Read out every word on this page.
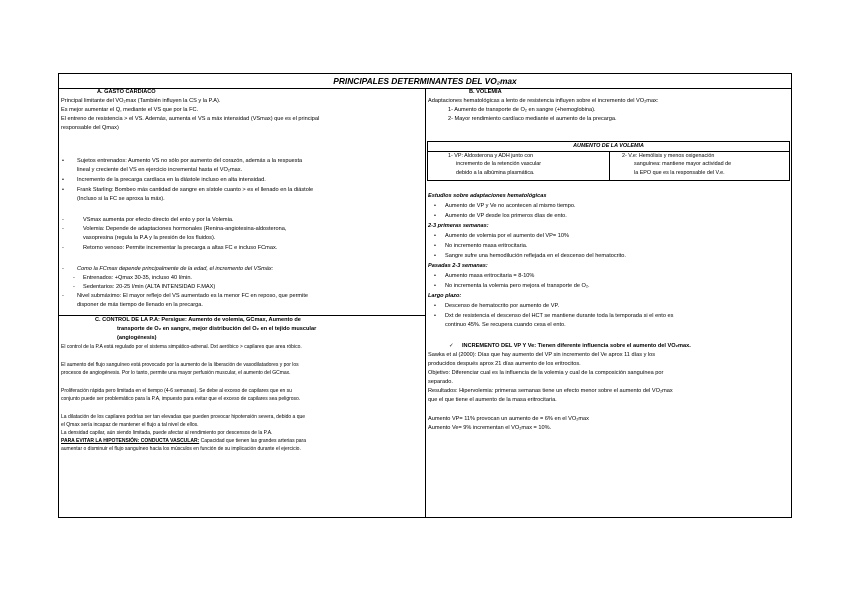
PRINCIPALES DETERMINANTES DEL VO₂max
A. GASTO CARDÍACO
Principal limitante del VO₂max (También influyen la CS y la P.A).
Es mejor aumentar el Q, mediante el VS que por la FC.
El entreno de resistencia > el VS. Además, aumenta el VS a máx intensidad (VSmax) que es el principal
responsable del Qmax)
• Sujetos entrenados: Aumento VS no sólo por aumento del corazón, además a la respuesta
lineal y creciente del VS en ejercicio incremental hasta el VO₂max.
• Incremento de la precarga cardíaca en la diástole incluso en alta intensidad.
• Frank Starling: Bombeo más cantidad de sangre en sístole cuanto > es el llenado en la diástole
(Incluso si la FC se aproxa la máx).
-	VSmax aumenta por efecto directo del ento y por la Volemia.
-	Volemia: Depende de adaptaciones hormonales (Renina-angiotesina-aldosterona,
vasopresina (regula la P.A y la presión de los fluidos).
-	Retorno venoso: Permite incrementar la precarga a altas FC e incluso FCmax.
- Como la FCmax depende principalmente de la edad, el incremento del VSmáx:
- Entrenados: +Qmax 30-35, incluso 40 l/min.
- Sedentarios: 20-25 l/min (ALTA INTENSIDAD F.MAX)
- Nivel submáximo: El mayor reflejo del VS aumentado es la menor FC en reposo, que permite
disponer de más tiempo de llenado en la precarga.
C. CONTROL DE LA P.A: Persigue: Aumento de volemia, GCmax, Aumento de
transporte de O₂ en sangre, mejor distribución del O₂ en el tejido muscular
(angiogénesis)
El control de la P.A está regulado por el sistema simpático-adrenal. Dxt aeróbico > capilares que area róbico.
El aumento del flujo sanguíneo está provocado por la aumento de la liberación de vasodilatadores y por los
procesos de angiogénesis. Por lo tanto, permite una mayor perfusión muscular, el aumento del GCmax.
Proliferación rápida pero limitada en el tiempo (4-6 semanas). Se debe al exceso de capilares que en su
conjunto puede ser problemático para la P.A, impuesto para evitar que el exceso de capilares sea peligroso.
La dilatación de los capilares podrías ser tan elevadas que pueden provocar hipotensión severa, debido a que
el Qmax sería incapaz de mantener el flujo a tal nivel de ellos.
La densidad capilar, aún siendo limitada, puede afectar al rendimiento por descensos de la P.A.
PARA EVITAR LA HIPOTENSIÓN: CONDUCTA VASCULAR: Capacidad que tienen las grandes arterias para
aumentar o disminuir el flujo sanguíneo hacia los músculos en función de su implicación durante el ejercicio.
B. VOLEMIA
Adaptaciones hematológicas a lento de resistencia influyen sobre el incremento del VO₂max:
1- Aumento de transporte de O₂ en sangre (+hemoglobina).
2- Mayor rendimiento cardíaco mediante el aumento de la precarga.
AUMENTO DE LA VOLEMIA
1- VP: Aldosterona y ADH junto con
incremento de la retención vascular
debido a la albúmina plasmática.
2- V.e: Hemólisis y menos oxigenación
sanguínea: mantiene mayor actividad de
la EPO que es la responsable del V.e.
Estudios sobre adaptaciones hematológicas
• Aumento de VP y Ve no acontecen al mismo tiempo.
• Aumento de VP desde los primeros días de ento.
2-3 primeras semanas:
• Aumento de volemia por el aumento del VP= 10%
• No incremento masa eritrocitaria.
• Sangre sufre una hemodilución reflejada en el descenso del hematocrito.
Pasadas 2-3 semanas:
• Aumento masa eritrocitaria = 8-10%
• No incrementa la volemia pero mejora el transporte de O₂.
Largo plazo:
• Descenso de hematocrito por aumento de VP.
• Dxt de resistencia el descenso del HCT se mantiene durante toda la temporada si el ento es
continuo 45%. Se recupera cuando cesa el ento.
✓ INCREMENTO DEL VP Y Ve: Tienen diferente influencia sobre el aumento del VO₂max.
Sawka et al (2000): Días que hay aumento del VP sin incremento del Ve aprox 11 días y los
producidos después aprox 21 días aumento de los eritrocitos.
Objetivo: Diferenciar cual es la influencia de la volemia y cual de la composición sanguínea por
separado.
Resultados: Hipervolemia: primeras semanas tiene un efecto menor sobre el aumento del VO₂max
que el que tiene el aumento de la masa eritrocitaria.
Aumento VP= 11% provocan un aumento de = 6% en el VO₂max
Aumento Ve= 9% incrementan el VO₂max = 10%.
